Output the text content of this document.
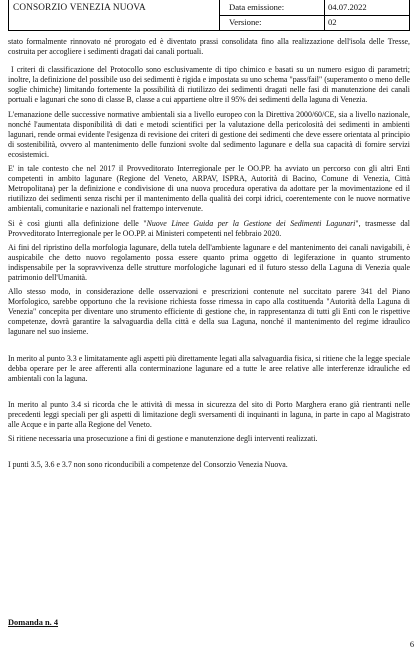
CONSORZIO VENEZIA NUOVA	Data emissione:	04.07.2022
Versione:	02

stato formalmente rinnovato né prorogato ed è diventato prassi consolidata fino alla realizzazione dell'isola delle Tresse, costruita per accogliere i sedimenti dragati dai canali portuali.

I criteri di classificazione del Protocollo sono esclusivamente di tipo chimico e basati su un numero esiguo di parametri; inoltre, la definizione del possibile uso dei sedimenti è rigida e impostata su uno schema "pass/fail" (superamento o meno delle soglie chimiche) limitando fortemente la possibilità di riutilizzo dei sedimenti dragati nelle fasi di manutenzione dei canali portuali e lagunari che sono di classe B, classe a cui appartiene oltre il 95% dei sedimenti della laguna di Venezia.

L'emanazione delle successive normative ambientali sia a livello europeo con la Direttiva 2000/60/CE, sia a livello nazionale, nonché l'aumentata disponibilità di dati e metodi scientifici per la valutazione della pericolosità dei sedimenti in ambienti lagunari, rende ormai evidente l'esigenza di revisione dei criteri di gestione dei sedimenti che deve essere orientata al principio di sostenibilità, ovvero al mantenimento delle funzioni svolte dal sedimento lagunare e della sua capacità di fornire servizi ecosistemici.

E' in tale contesto che nel 2017 il Provveditorato Interregionale per le OO.PP. ha avviato un percorso con gli altri Enti competenti in ambito lagunare (Regione del Veneto, ARPAV, ISPRA, Autorità di Bacino, Comune di Venezia, Città Metropolitana) per la definizione e condivisione di una nuova procedura operativa da adottare per la movimentazione ed il riutilizzo dei sedimenti senza rischi per il mantenimento della qualità dei corpi idrici, coerentemente con le nuove normative ambientali, comunitarie e nazionali nel frattempo intervenute.

Si è così giunti alla definizione delle "Nuove Linee Guida per la Gestione dei Sedimenti Lagunari", trasmesse dal Provveditorato Interregionale per le OO.PP. ai Ministeri competenti nel febbraio 2020.

Ai fini del ripristino della morfologia lagunare, della tutela dell'ambiente lagunare e del mantenimento dei canali navigabili, è auspicabile che detto nuovo regolamento possa essere quanto prima oggetto di legiferazione in quanto strumento indispensabile per la sopravvivenza delle strutture morfologiche lagunari ed il futuro stesso della Laguna di Venezia quale patrimonio dell'Umanità.

Allo stesso modo, in considerazione delle osservazioni e prescrizioni contenute nel succitato parere 341 del Piano Morfologico, sarebbe opportuno che la revisione richiesta fosse rimessa in capo alla costituenda "Autorità della Laguna di Venezia" concepita per diventare uno strumento efficiente di gestione che, in rappresentanza di tutti gli Enti con le rispettive competenze, dovrà garantire la salvaguardia della città e della sua Laguna, nonché il mantenimento del regime idraulico lagunare nel suo insieme.

In merito al punto 3.3 e limitatamente agli aspetti più direttamente legati alla salvaguardia fisica, si ritiene che la legge speciale debba operare per le aree afferenti alla conterminazione lagunare ed a tutte le aree relative alle interferenze idrauliche ed ambientali con la laguna.

In merito al punto 3.4 si ricorda che le attività di messa in sicurezza del sito di Porto Marghera erano già rientranti nelle precedenti leggi speciali per gli aspetti di limitazione degli sversamenti di inquinanti in laguna, in parte in capo al Magistrato alle Acque e in parte alla Regione del Veneto.

Si ritiene necessaria una prosecuzione a fini di gestione e manutenzione degli interventi realizzati.

I punti 3.5, 3.6 e 3.7 non sono riconducibili a competenze del Consorzio Venezia Nuova.

Domanda n. 4
6
